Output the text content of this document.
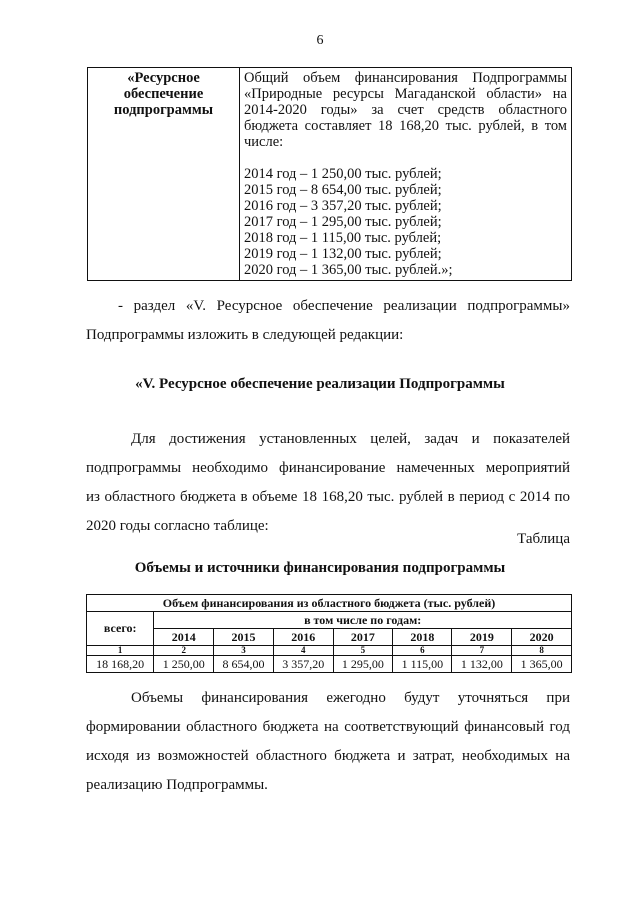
6
«Ресурсное обеспечение подпрограммы	
Общий объем финансирования Подпрограммы «Природные ресурсы Магаданской области» на 2014-2020 годы» за счет средств областного бюджета составляет 18 168,20 тыс. рублей, в том числе:
2014 год – 1 250,00 тыс. рублей;
2015 год – 8 654,00 тыс. рублей;
2016 год – 3 357,20 тыс. рублей;
2017 год – 1 295,00 тыс. рублей;
2018 год – 1 115,00 тыс. рублей;
2019 год – 1 132,00 тыс. рублей;
2020 год – 1 365,00 тыс. рублей.»;
- раздел «V. Ресурсное обеспечение реализации подпрограммы»
Подпрограммы изложить в следующей редакции:
«V. Ресурсное обеспечение реализации Подпрограммы
Для достижения установленных целей, задач и показателей
подпрограммы необходимо финансирование намеченных мероприятий
из областного бюджета в объеме 18 168,20 тыс. рублей в период с 2014 по
2020 годы согласно таблице:
Таблица
Объемы и источники финансирования подпрограммы
Объем финансирования из областного бюджета (тыс. рублей)							
всего:	в том числе по годам:						
	2014	2015	2016	2017	2018	2019	2020
1	2	3	4	5	6	7	8
18 168,20	1 250,00	8 654,00	3 357,20	1 295,00	1 115,00	1 132,00	1 365,00
Объемы финансирования ежегодно будут уточняться при
формировании областного бюджета на соответствующий финансовый год
исходя из возможностей областного бюджета и затрат, необходимых на
реализацию Подпрограммы.
